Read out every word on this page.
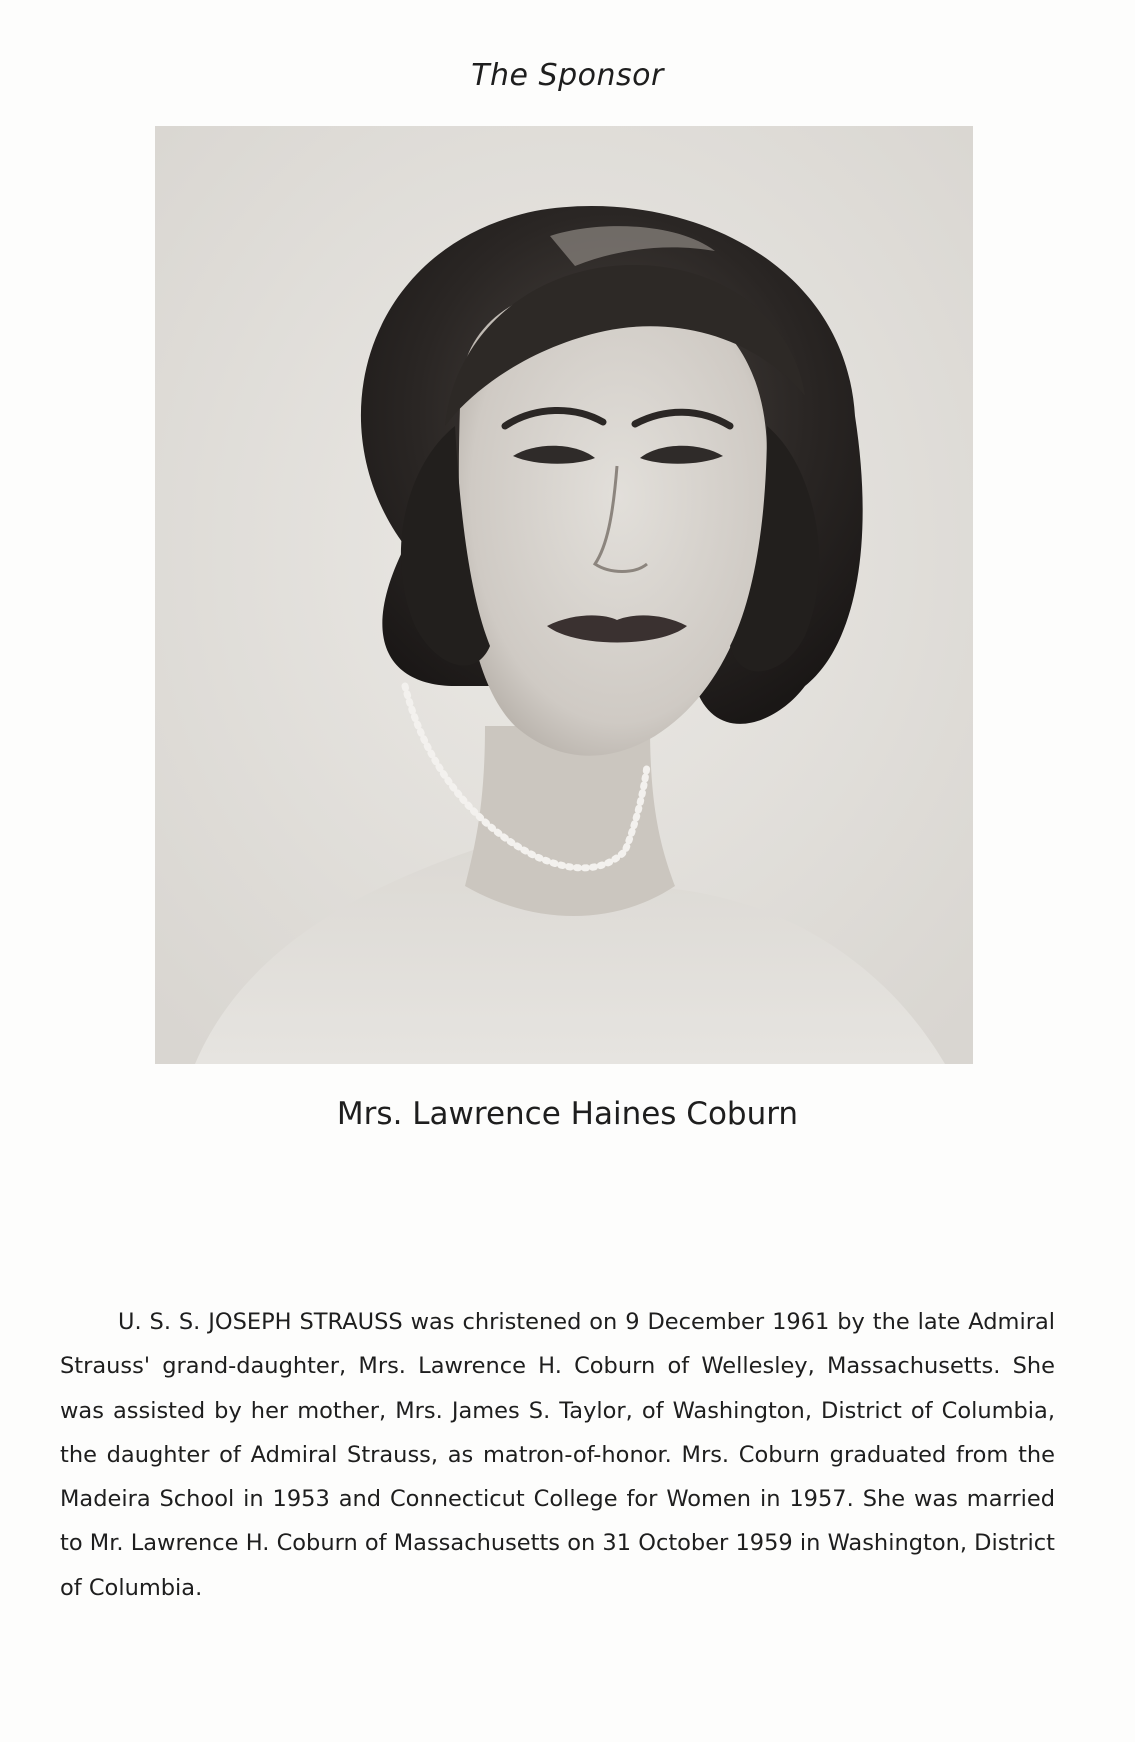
The Sponsor
Mrs. Lawrence Haines Coburn

U. S. S. JOSEPH STRAUSS was christened on 9 December 1961 by the late Admiral Strauss' grand-daughter, Mrs. Lawrence H. Coburn of Wellesley, Massachusetts. She was assisted by her mother, Mrs. James S. Taylor, of Washington, District of Columbia, the daughter of Admiral Strauss, as matron-of-honor. Mrs. Coburn graduated from the Madeira School in 1953 and Connecticut College for Women in 1957. She was married to Mr. Lawrence H. Coburn of Massachusetts on 31 October 1959 in Washington, District of Columbia.
